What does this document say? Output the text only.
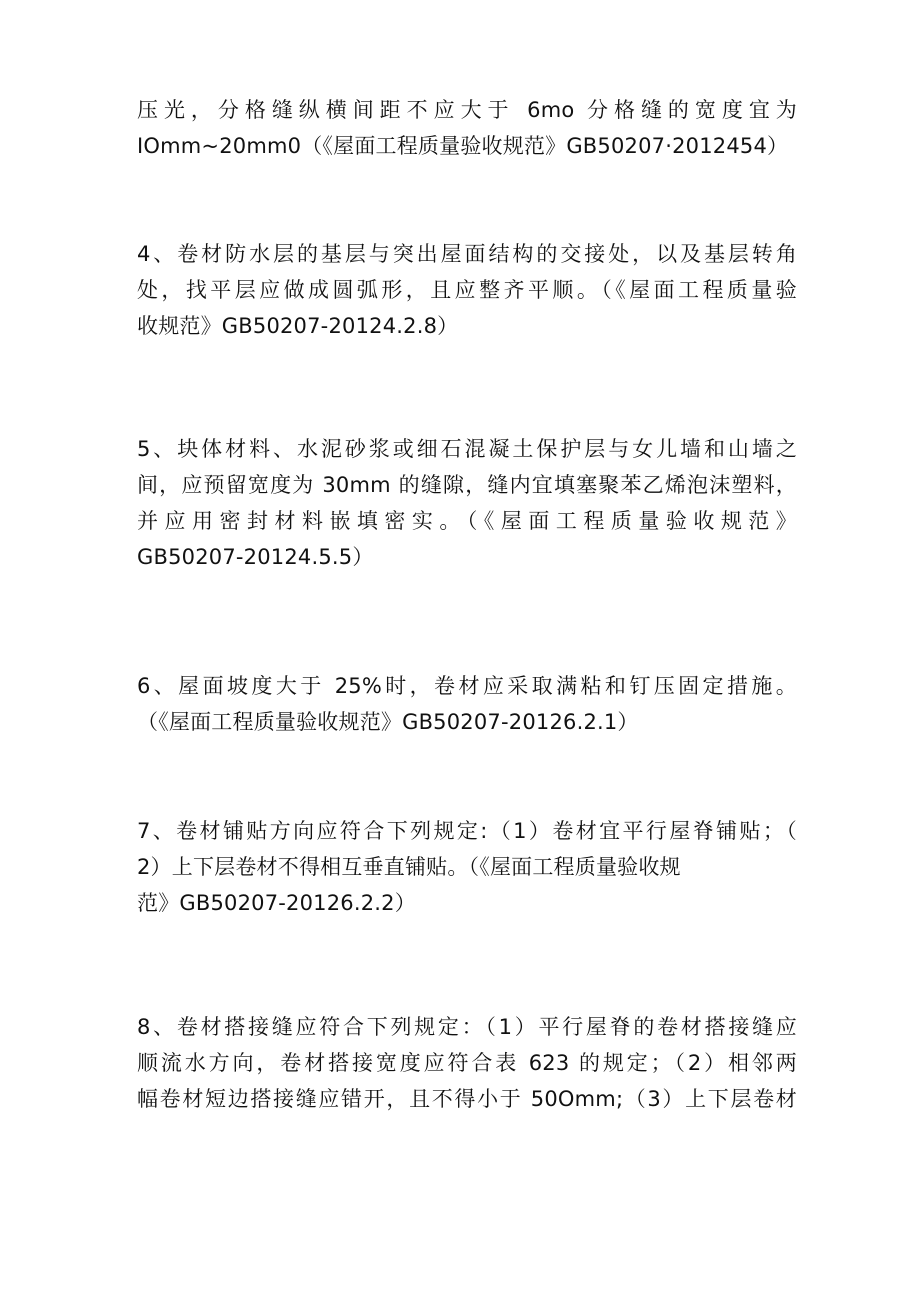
压光，分格缝纵横间距不应大于 6mo 分格缝的宽度宜为
IOmm~20mm0（《屋面工程质量验收规范》GB50207·2012454）
4、卷材防水层的基层与突出屋面结构的交接处，以及基层转角
处，找平层应做成圆弧形，且应整齐平顺。（《屋面工程质量验
收规范》GB50207-20124.2.8）
5、块体材料、水泥砂浆或细石混凝土保护层与女儿墙和山墙之
间，应预留宽度为 30mm 的缝隙，缝内宜填塞聚苯乙烯泡沫塑料，
并应用密封材料嵌填密实。（《屋面工程质量验收规范》
GB50207-20124.5.5）
6、屋面坡度大于 25%时，卷材应采取满粘和钉压固定措施。
（《屋面工程质量验收规范》GB50207-20126.2.1）
7、卷材铺贴方向应符合下列规定:（1）卷材宜平行屋脊铺贴；（
2）上下层卷材不得相互垂直铺贴。（《屋面工程质量验收规
范》GB50207-20126.2.2）
8、卷材搭接缝应符合下列规定：（1）平行屋脊的卷材搭接缝应
顺流水方向，卷材搭接宽度应符合表 623 的规定；（2）相邻两
幅卷材短边搭接缝应错开，且不得小于 50Omm;（3）上下层卷材
